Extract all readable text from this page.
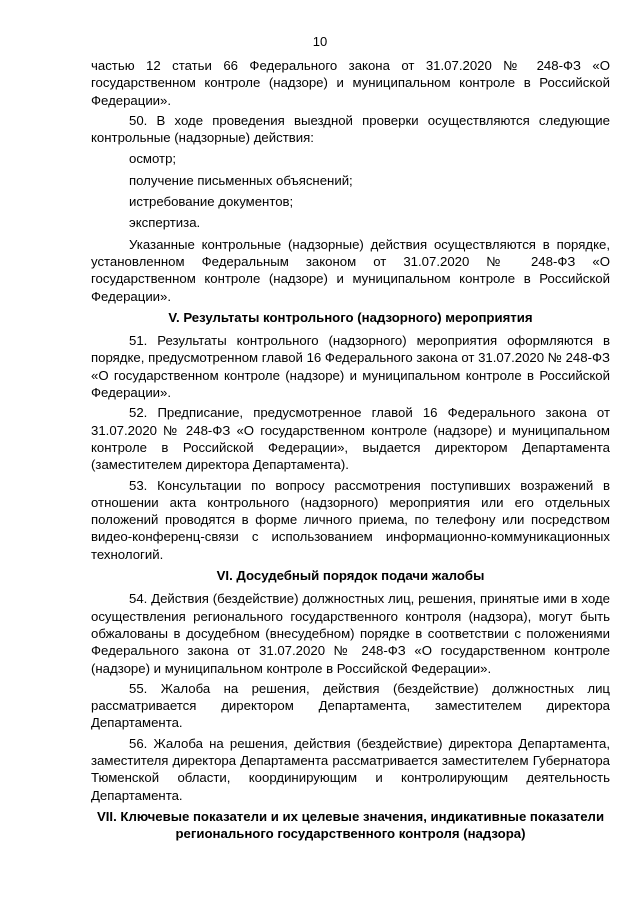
10

частью 12 статьи 66 Федерального закона от 31.07.2020 № 248-ФЗ «О государственном контроле (надзоре) и муниципальном контроле в Российской Федерации».

50. В ходе проведения выездной проверки осуществляются следующие контрольные (надзорные) действия:

осмотр;

получение письменных объяснений;

истребование документов;

экспертиза.

Указанные контрольные (надзорные) действия осуществляются в порядке, установленном Федеральным законом от 31.07.2020 № 248-ФЗ «О государственном контроле (надзоре) и муниципальном контроле в Российской Федерации».

V. Результаты контрольного (надзорного) мероприятия

51. Результаты контрольного (надзорного) мероприятия оформляются в порядке, предусмотренном главой 16 Федерального закона от 31.07.2020 № 248-ФЗ «О государственном контроле (надзоре) и муниципальном контроле в Российской Федерации».

52. Предписание, предусмотренное главой 16 Федерального закона от 31.07.2020 № 248-ФЗ «О государственном контроле (надзоре) и муниципальном контроле в Российской Федерации», выдается директором Департамента (заместителем директора Департамента).

53. Консультации по вопросу рассмотрения поступивших возражений в отношении акта контрольного (надзорного) мероприятия или его отдельных положений проводятся в форме личного приема, по телефону или посредством видео-конференц-связи с использованием информационно-коммуникационных технологий.

VI. Досудебный порядок подачи жалобы

54. Действия (бездействие) должностных лиц, решения, принятые ими в ходе осуществления регионального государственного контроля (надзора), могут быть обжалованы в досудебном (внесудебном) порядке в соответствии с положениями Федерального закона от 31.07.2020 № 248-ФЗ «О государственном контроле (надзоре) и муниципальном контроле в Российской Федерации».

55. Жалоба на решения, действия (бездействие) должностных лиц рассматривается директором Департамента, заместителем директора Департамента.

56. Жалоба на решения, действия (бездействие) директора Департамента, заместителя директора Департамента рассматривается заместителем Губернатора Тюменской области, координирующим и контролирующим деятельность Департамента.

VII. Ключевые показатели и их целевые значения, индикативные показатели регионального государственного контроля (надзора)
